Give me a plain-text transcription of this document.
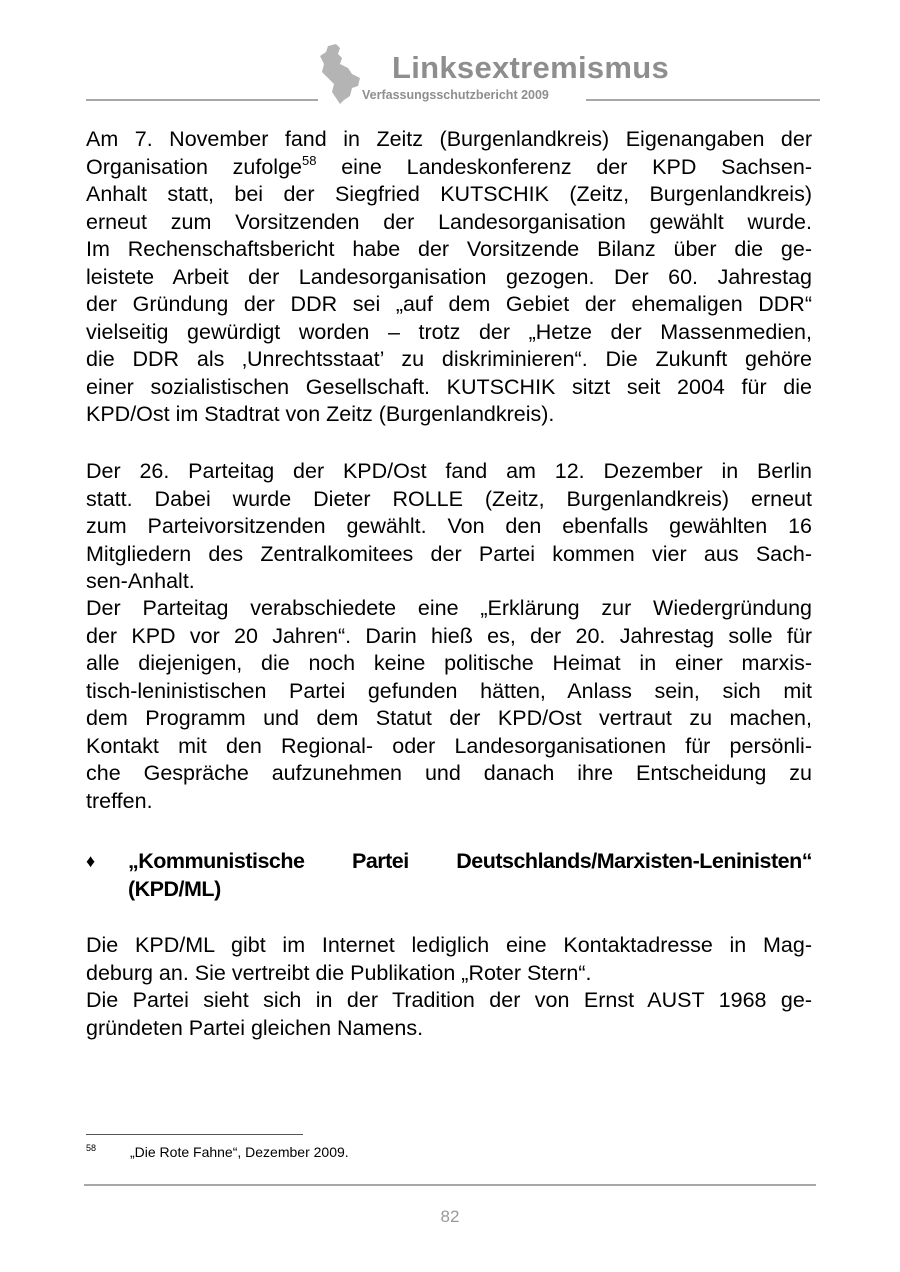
Linksextremismus
Verfassungsschutzbericht 2009
Am 7. November fand in Zeitz (Burgenlandkreis) Eigenangaben der
Organisation zufolge$^{58}$ eine Landeskonferenz der KPD Sachsen-
Anhalt statt, bei der Siegfried KUTSCHIK (Zeitz, Burgenlandkreis)
erneut zum Vorsitzenden der Landesorganisation gewählt wurde.
Im Rechenschaftsbericht habe der Vorsitzende Bilanz über die ge-
leistete Arbeit der Landesorganisation gezogen. Der 60. Jahrestag
der Gründung der DDR sei „auf dem Gebiet der ehemaligen DDR“
vielseitig gewürdigt worden – trotz der „Hetze der Massenmedien,
die DDR als ‚Unrechtsstaat’ zu diskriminieren“. Die Zukunft gehöre
einer sozialistischen Gesellschaft. KUTSCHIK sitzt seit 2004 für die
KPD/Ost im Stadtrat von Zeitz (Burgenlandkreis).
Der 26. Parteitag der KPD/Ost fand am 12. Dezember in Berlin
statt. Dabei wurde Dieter ROLLE (Zeitz, Burgenlandkreis) erneut
zum Parteivorsitzenden gewählt. Von den ebenfalls gewählten 16
Mitgliedern des Zentralkomitees der Partei kommen vier aus Sach-
sen-Anhalt.
Der Parteitag verabschiedete eine „Erklärung zur Wiedergründung
der KPD vor 20 Jahren“. Darin hieß es, der 20. Jahrestag solle für
alle diejenigen, die noch keine politische Heimat in einer marxis-
tisch-leninistischen Partei gefunden hätten, Anlass sein, sich mit
dem Programm und dem Statut der KPD/Ost vertraut zu machen,
Kontakt mit den Regional- oder Landesorganisationen für persönli-
che Gespräche aufzunehmen und danach ihre Entscheidung zu
treffen.
♦ „Kommunistische Partei Deutschlands/Marxisten-Leninisten“
(KPD/ML)
Die KPD/ML gibt im Internet lediglich eine Kontaktadresse in Mag-
deburg an. Sie vertreibt die Publikation „Roter Stern“.
Die Partei sieht sich in der Tradition der von Ernst AUST 1968 ge-
gründeten Partei gleichen Namens.
58 „Die Rote Fahne“, Dezember 2009.
82
